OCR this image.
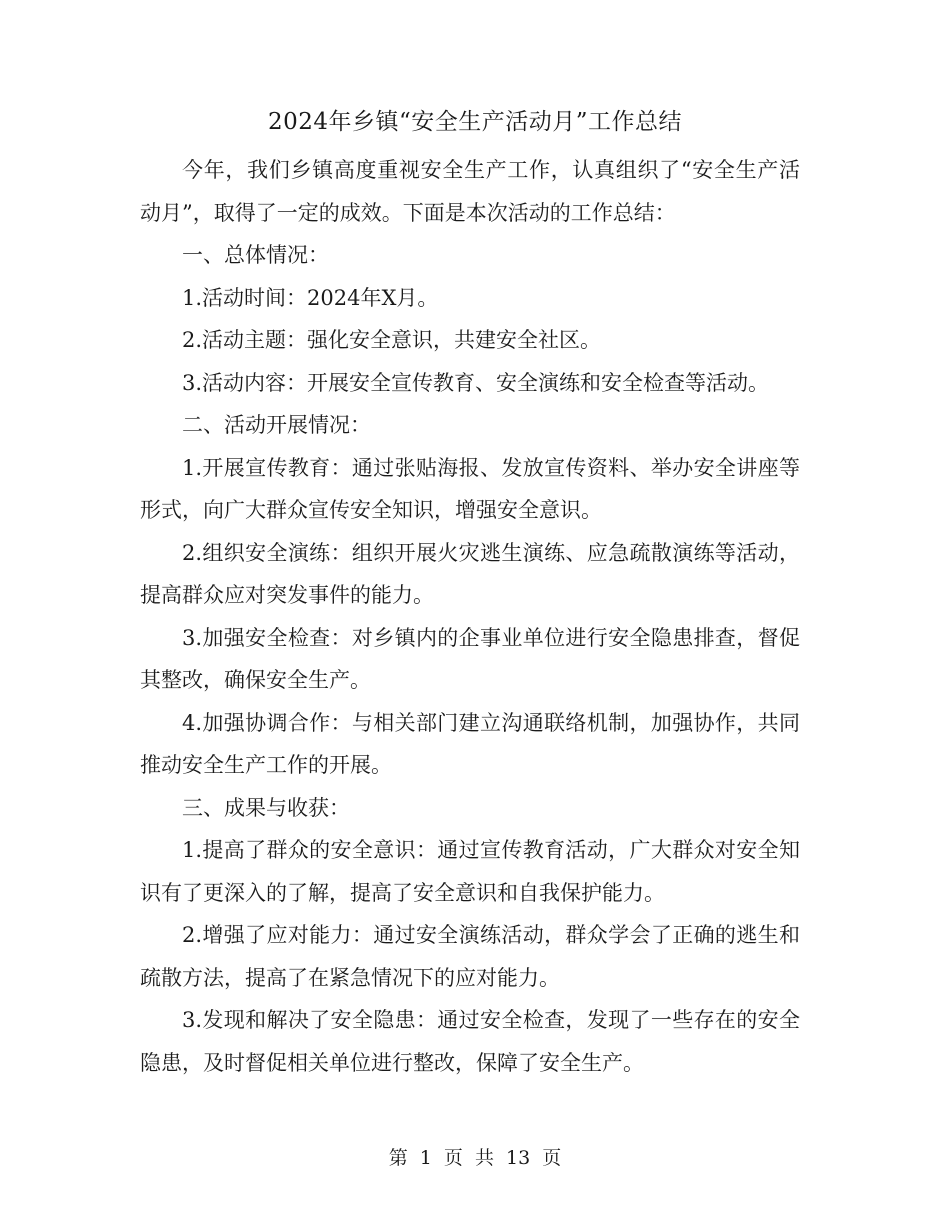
2024年乡镇“安全生产活动月”工作总结

今年，我们乡镇高度重视安全生产工作，认真组织了“安全生产活动月”，取得了一定的成效。下面是本次活动的工作总结：

一、总体情况：

1.活动时间：2024年X月。

2.活动主题：强化安全意识，共建安全社区。

3.活动内容：开展安全宣传教育、安全演练和安全检查等活动。

二、活动开展情况：

1.开展宣传教育：通过张贴海报、发放宣传资料、举办安全讲座等形式，向广大群众宣传安全知识，增强安全意识。

2.组织安全演练：组织开展火灾逃生演练、应急疏散演练等活动，提高群众应对突发事件的能力。

3.加强安全检查：对乡镇内的企事业单位进行安全隐患排查，督促其整改，确保安全生产。

4.加强协调合作：与相关部门建立沟通联络机制，加强协作，共同推动安全生产工作的开展。

三、成果与收获：

1.提高了群众的安全意识：通过宣传教育活动，广大群众对安全知识有了更深入的了解，提高了安全意识和自我保护能力。

2.增强了应对能力：通过安全演练活动，群众学会了正确的逃生和疏散方法，提高了在紧急情况下的应对能力。

3.发现和解决了安全隐患：通过安全检查，发现了一些存在的安全隐患，及时督促相关单位进行整改，保障了安全生产。

第 1 页 共 13 页
